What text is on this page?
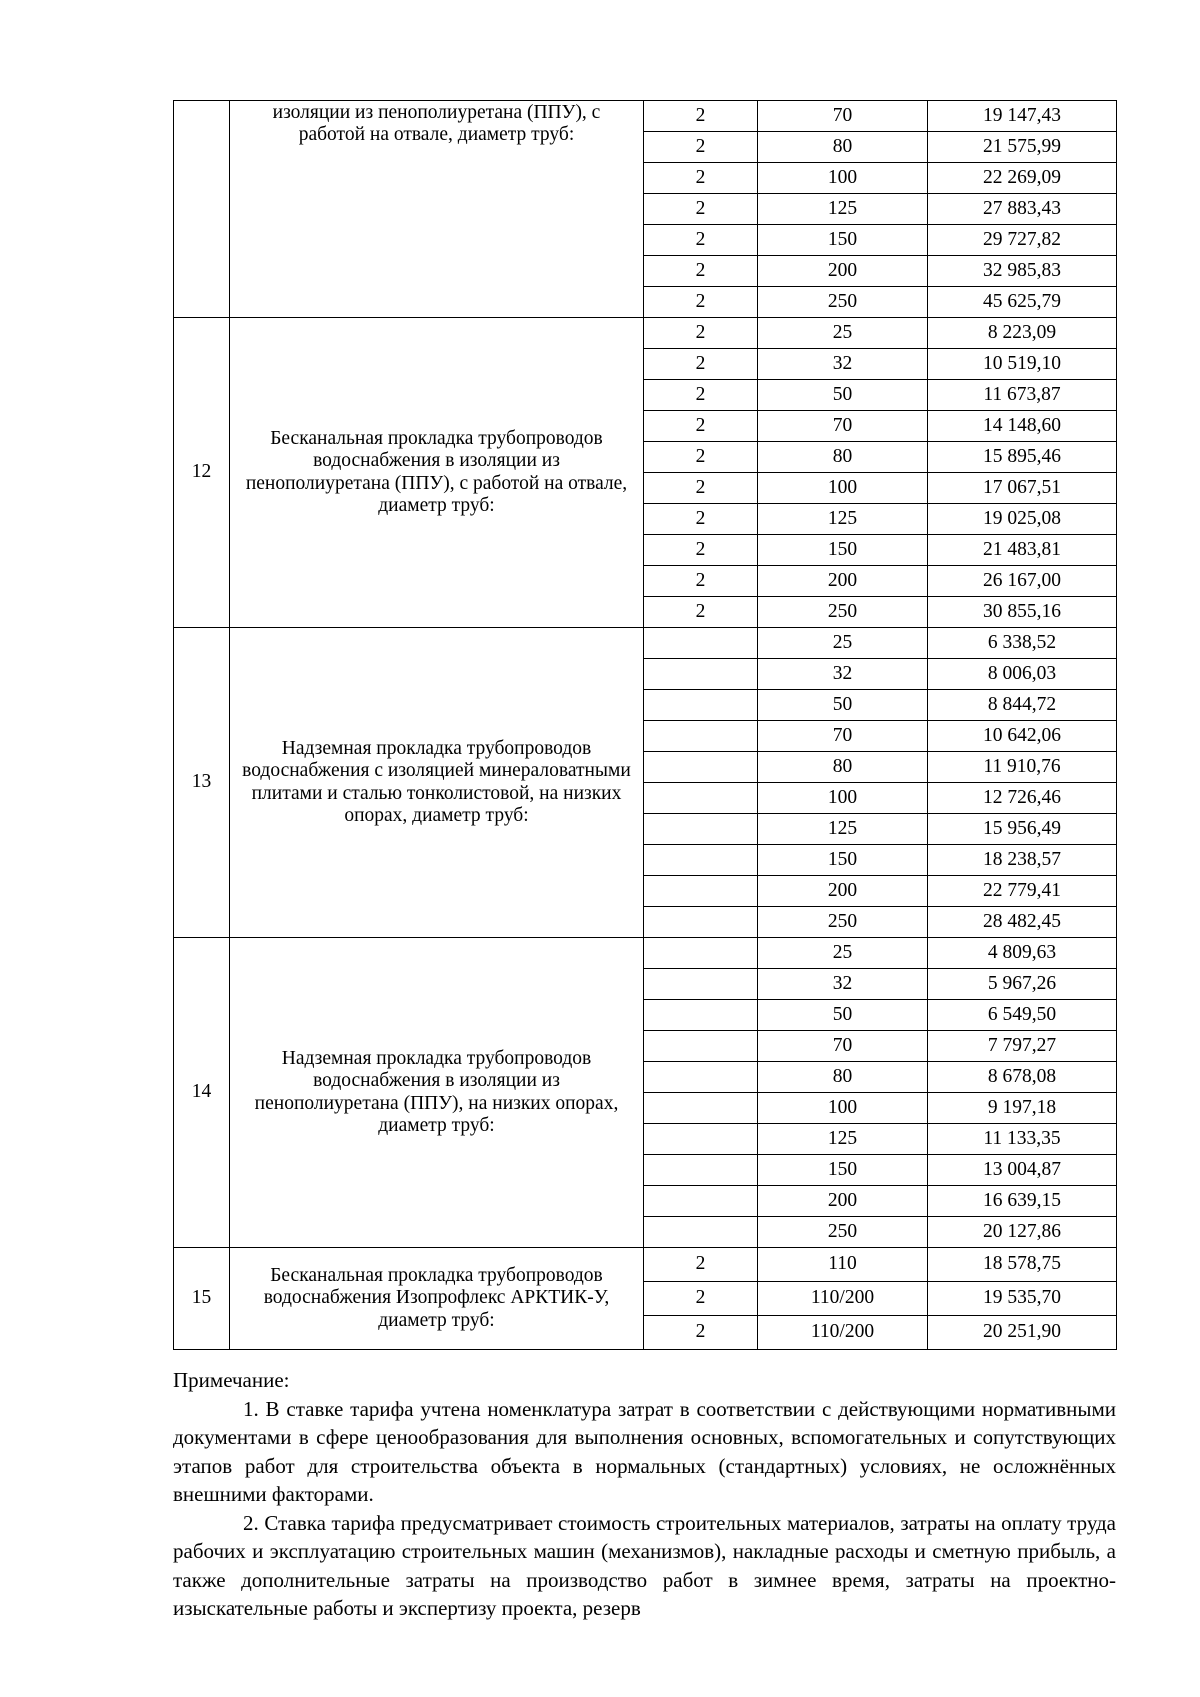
	изоляции из пенополиуретана (ППУ), с работой на отвале, диаметр труб:	2	70	19 147,43
		2	80	21 575,99
		2	100	22 269,09
		2	125	27 883,43
		2	150	29 727,82
		2	200	32 985,83
		2	250	45 625,79
12	Бесканальная прокладка трубопроводов водоснабжения в изоляции из пенополиуретана (ППУ), с работой на отвале, диаметр труб:	2	25	8 223,09
		2	32	10 519,10
		2	50	11 673,87
		2	70	14 148,60
		2	80	15 895,46
		2	100	17 067,51
		2	125	19 025,08
		2	150	21 483,81
		2	200	26 167,00
		2	250	30 855,16
13	Надземная прокладка трубопроводов водоснабжения с изоляцией минераловатными плитами и сталью тонколистовой, на низких опорах, диаметр труб:		25	6 338,52
			32	8 006,03
			50	8 844,72
			70	10 642,06
			80	11 910,76
			100	12 726,46
			125	15 956,49
			150	18 238,57
			200	22 779,41
			250	28 482,45
14	Надземная прокладка трубопроводов водоснабжения в изоляции из пенополиуретана (ППУ), на низких опорах, диаметр труб:		25	4 809,63
			32	5 967,26
			50	6 549,50
			70	7 797,27
			80	8 678,08
			100	9 197,18
			125	11 133,35
			150	13 004,87
			200	16 639,15
			250	20 127,86
15	Бесканальная прокладка трубопроводов водоснабжения Изопрофлекс АРКТИК-У, диаметр труб:	2	110	18 578,75
		2	110/200	19 535,70
		2	110/200	20 251,90

Примечание:

1. В ставке тарифа учтена номенклатура затрат в соответствии с действующими нормативными документами в сфере ценообразования для выполнения основных, вспомогательных и сопутствующих этапов работ для строительства объекта в нормальных (стандартных) условиях, не осложнённых внешними факторами.

2. Ставка тарифа предусматривает стоимость строительных материалов, затраты на оплату труда рабочих и эксплуатацию строительных машин (механизмов), накладные расходы и сметную прибыль, а также дополнительные затраты на производство работ в зимнее время, затраты на проектно-изыскательные работы и экспертизу проекта, резерв
